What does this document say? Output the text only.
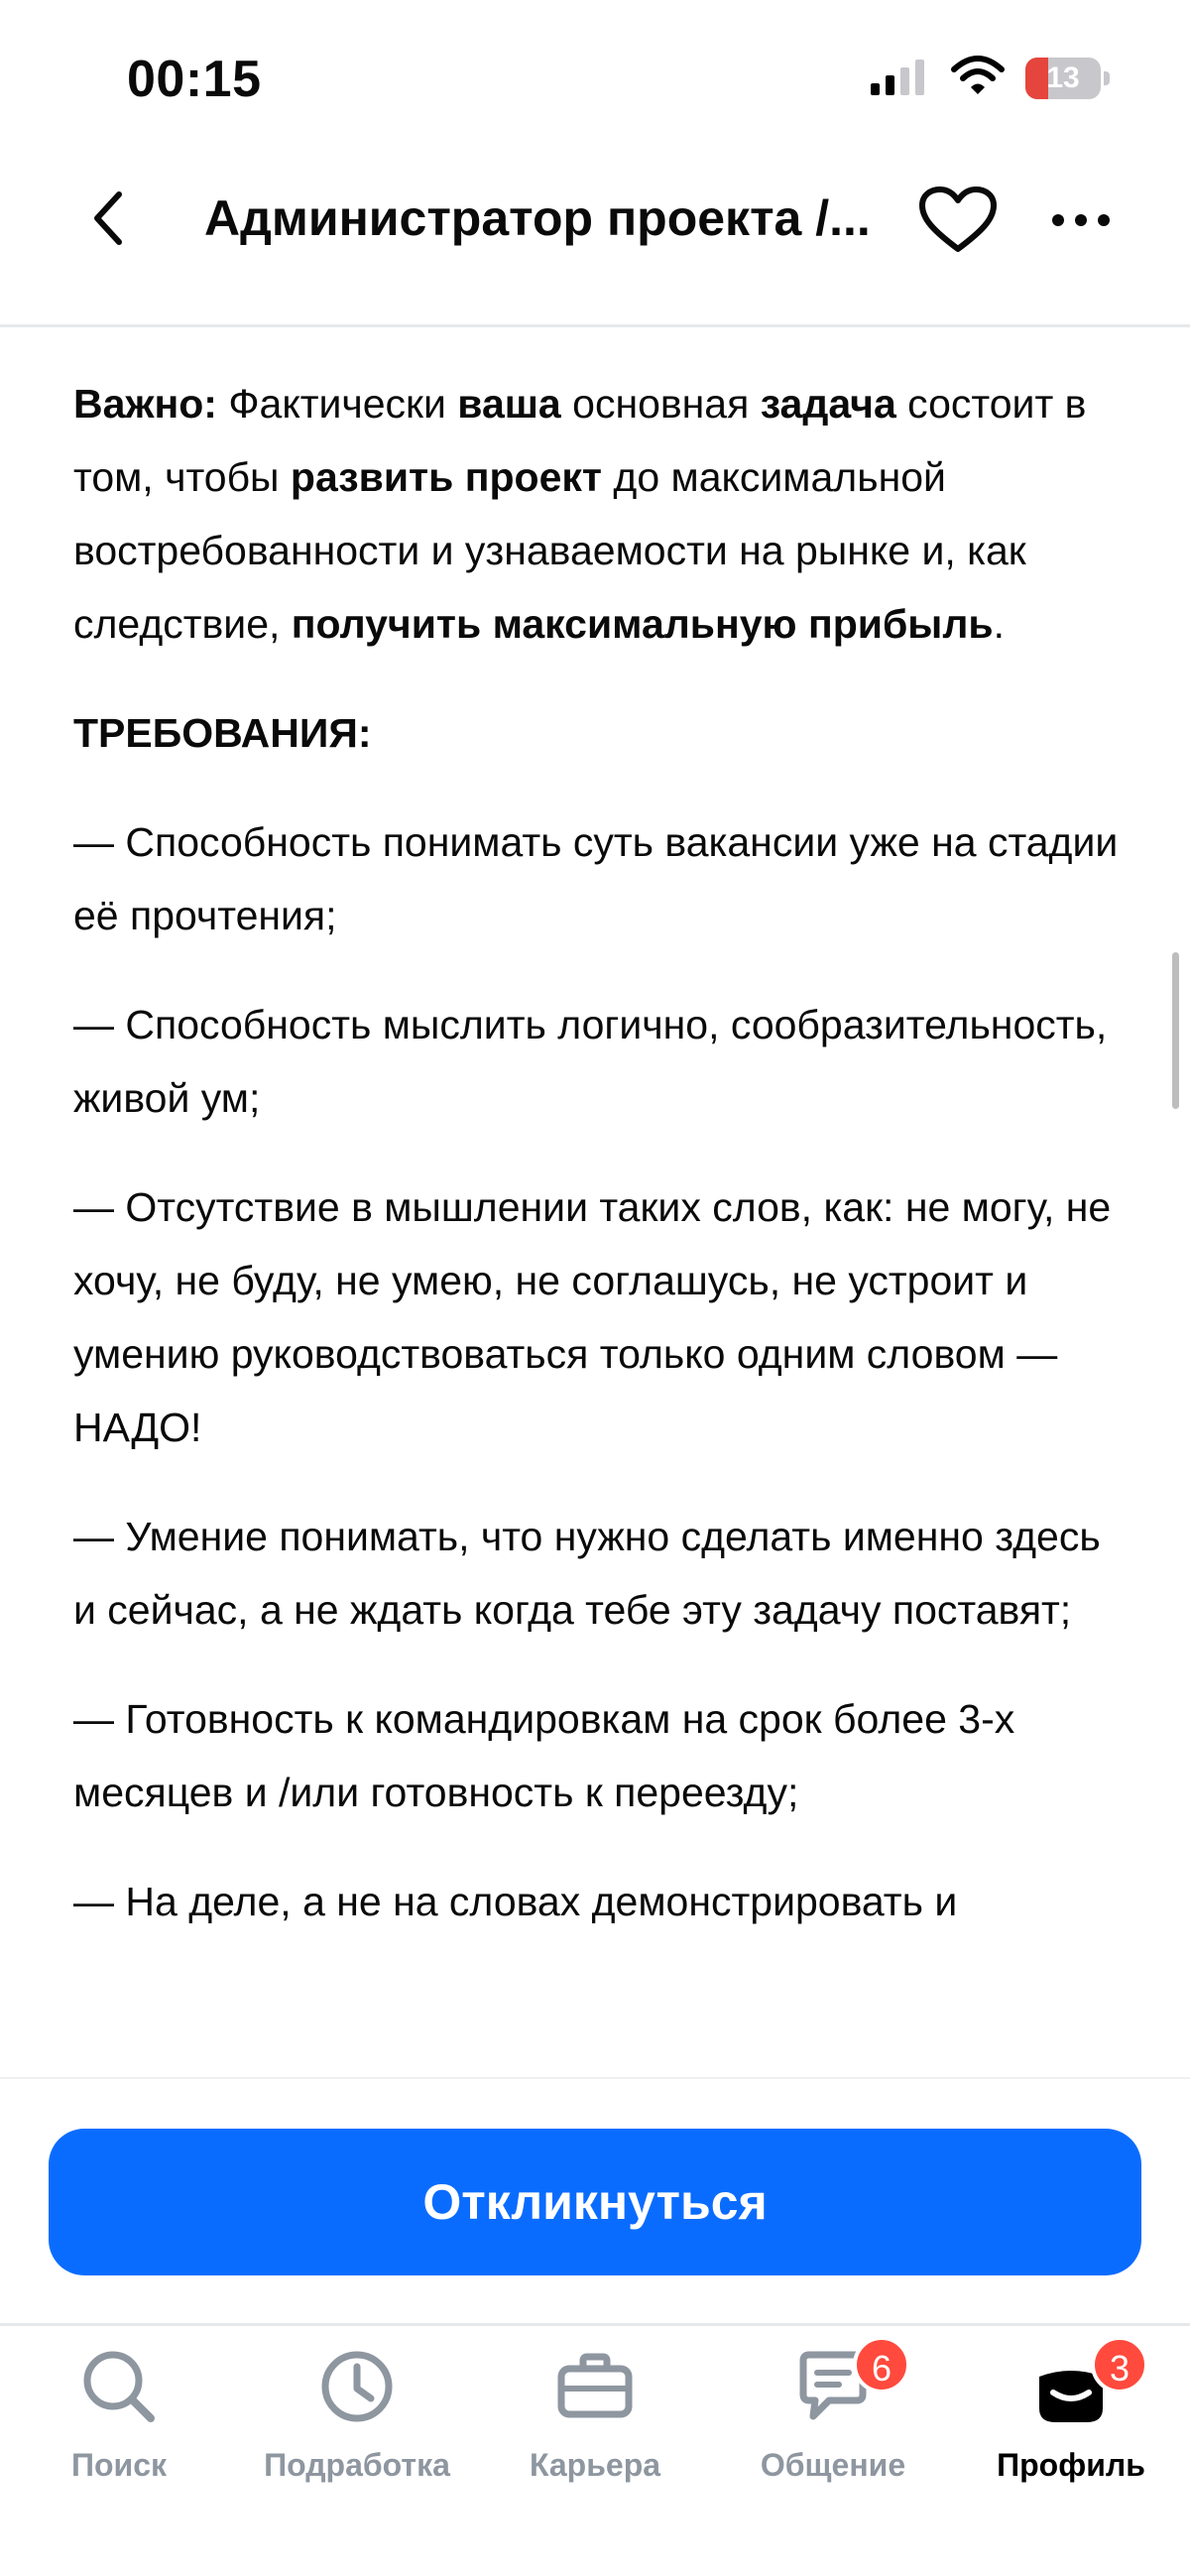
00:15	13
Администратор проекта /...

Важно: Фактически ваша основная задача состоит в том, чтобы развить проект до максимальной востребованности и узнаваемости на рынке и, как следствие, получить максимальную прибыль.

ТРЕБОВАНИЯ:

— Способность понимать суть вакансии уже на стадии её прочтения;

— Способность мыслить логично, сообразительность, живой ум;

— Отсутствие в мышлении таких слов, как: не могу, не хочу, не буду, не умею, не соглашусь, не устроит и умению руководствоваться только одним словом — НАДО!

— Умение понимать, что нужно сделать именно здесь и сейчас, а не ждать когда тебе эту задачу поставят;

— Готовность к командировкам на срок более 3-х месяцев и /или готовность к переезду;

— На деле, а не на словах демонстрировать и

Откликнуться
Поиск	Подработка	Карьера
6
Общение
3
Профиль
